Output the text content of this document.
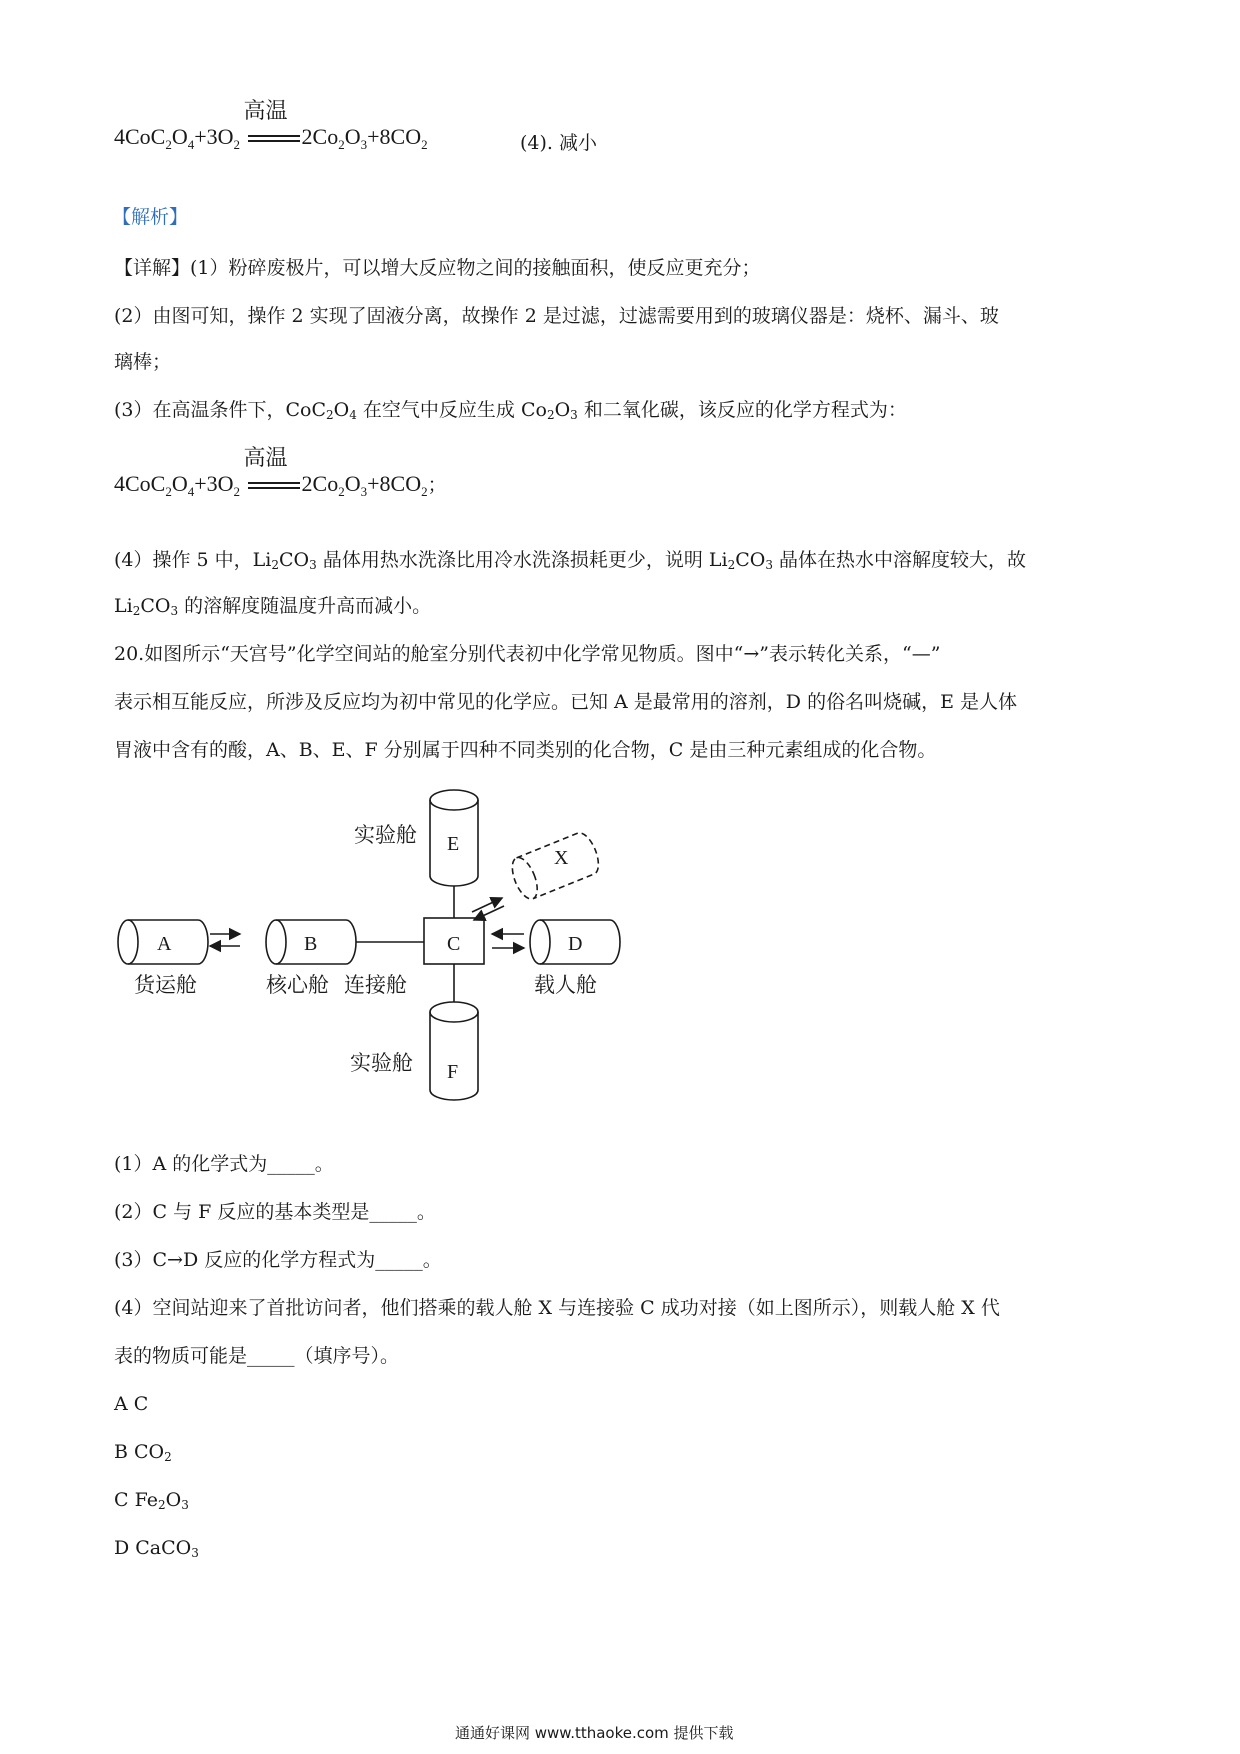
$4CoC_2O_4+3O_2$
高温
$2Co_2O_3+8CO_2$	(4). 减小
【解析】
【详解】(1）粉碎废极片，可以增大反应物之间的接触面积，使反应更充分；
(2）由图可知，操作 2 实现了固液分离，故操作 2 是过滤，过滤需要用到的玻璃仪器是：烧杯、漏斗、玻
璃棒；
(3）在高温条件下，$CoC_2O_4$ 在空气中反应生成 $Co_2O_3$ 和二氧化碳，该反应的化学方程式为：
$4CoC_2O_4+3O_2$
高温
$2Co_2O_3+8CO_2$；
(4）操作 5 中，$Li_2CO_3$ 晶体用热水洗涤比用冷水洗涤损耗更少，说明 $Li_2CO_3$ 晶体在热水中溶解度较大，故
$Li_2CO_3$ 的溶解度随温度升高而减小。
20.如图所示“天宫号”化学空间站的舱室分别代表初中化学常见物质。图中“→”表示转化关系，“—”
表示相互能反应，所涉及反应均为初中常见的化学应。已知 A 是最常用的溶剂，D 的俗名叫烧碱，E 是人体
胃液中含有的酸，A、B、E、F 分别属于四种不同类别的化合物，C 是由三种元素组成的化合物。
E
A	B	C	D
F
X
实验舱
货运舱	核心舱 连接舱	载人舱
实验舱
(1）A 的化学式为_____。
(2）C 与 F 反应的基本类型是_____。
(3）C→D 反应的化学方程式为_____。
(4）空间站迎来了首批访问者，他们搭乘的载人舱 X 与连接验 C 成功对接（如上图所示），则载人舱 X 代
表的物质可能是_____（填序号）。
A C
B $CO_2$
C $Fe_2O_3$
D CaCO$_3$
通通好课网 www.tthaoke.com 提供下载
